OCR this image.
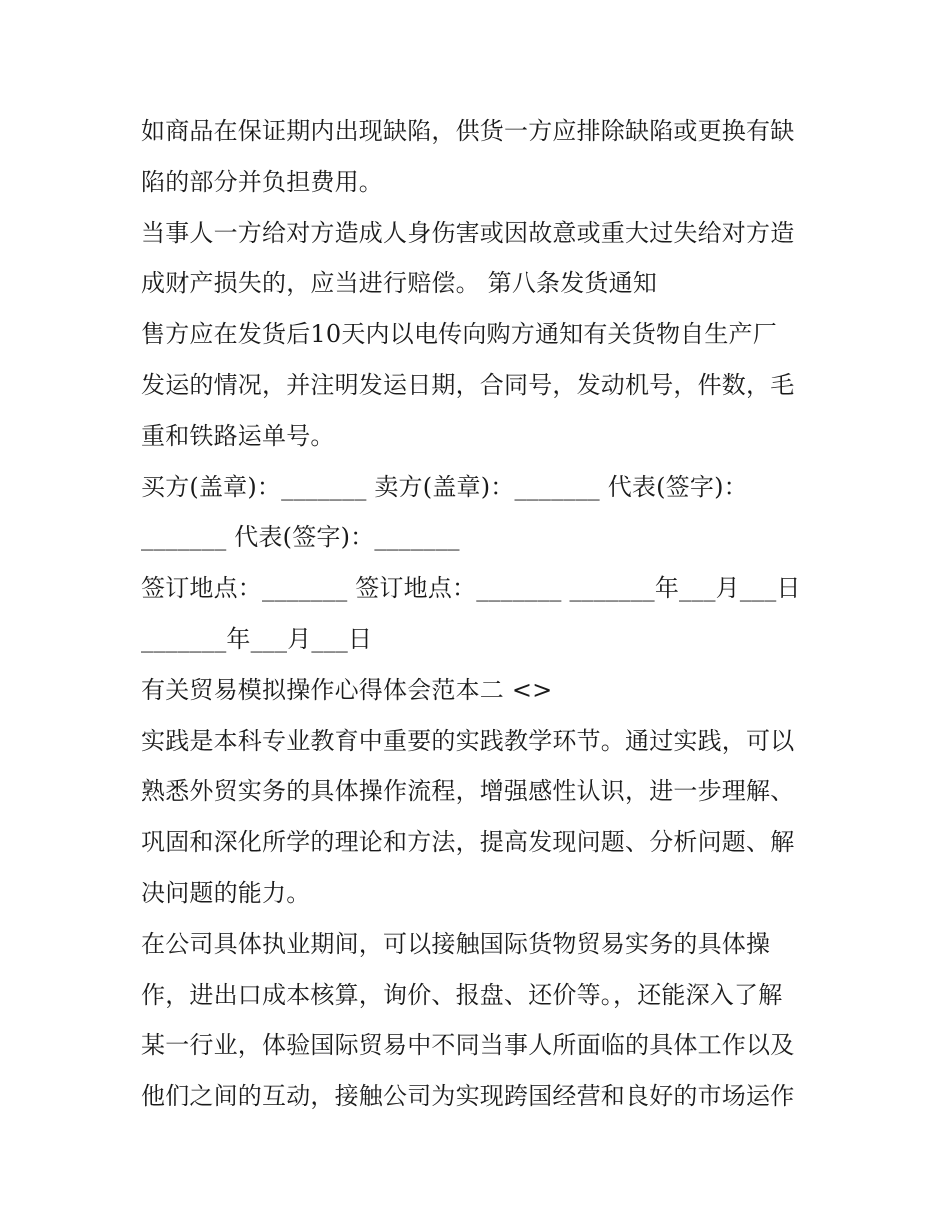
如商品在保证期内出现缺陷，供货一方应排除缺陷或更换有缺
陷的部分并负担费用。
当事人一方给对方造成人身伤害或因故意或重大过失给对方造
成财产损失的，应当进行赔偿。 第八条发货通知
售方应在发货后10天内以电传向购方通知有关货物自生产厂
发运的情况，并注明发运日期，合同号，发动机号，件数，毛
重和铁路运单号。
买方(盖章)：_______ 卖方(盖章)：_______ 代表(签字)：
_______ 代表(签字)：_______
签订地点：_______ 签订地点：_______ _______年___月___日
_______年___月___日
有关贸易模拟操作心得体会范本二 <>
实践是本科专业教育中重要的实践教学环节。通过实践，可以
熟悉外贸实务的具体操作流程，增强感性认识，进一步理解、
巩固和深化所学的理论和方法，提高发现问题、分析问题、解
决问题的能力。
在公司具体执业期间，可以接触国际货物贸易实务的具体操
作，进出口成本核算，询价、报盘、还价等。，还能深入了解
某一行业，体验国际贸易中不同当事人所面临的具体工作以及
他们之间的互动，接触公司为实现跨国经营和良好的市场运作
